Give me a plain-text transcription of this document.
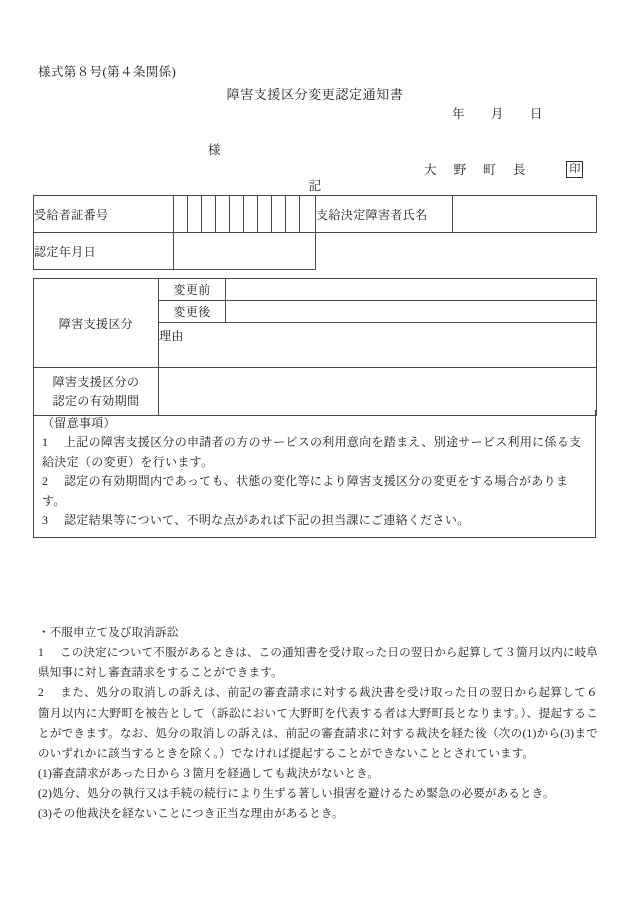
様式第８号(第４条関係)
障害支援区分変更認定通知書
年 月 日
様
大 野 町 長	印
記
受給者証番号											支給決定障害者氏名	
認定年月日												
障害支援区分	変更前	
	変更後	
	理由	

障害支援区分の
認定の有効期間		

（留意事項）
1 上記の障害支援区分の申請者の方のサービスの利用意向を踏まえ、別途サービス利用に係る支給決定（の変更）を行います。
2 認定の有効期間内であっても、状態の変化等により障害支援区分の変更をする場合があります。
3 認定結果等について、不明な点があれば下記の担当課にご連絡ください。
・不服申立て及び取消訴訟
1 この決定について不服があるときは、この通知書を受け取った日の翌日から起算して３箇月以内に岐阜県知事に対し審査請求をすることができます。
2 また、処分の取消しの訴えは、前記の審査請求に対する裁決書を受け取った日の翌日から起算して６箇月以内に大野町を被告として（訴訟において大野町を代表する者は大野町長となります。）、提起することができます。なお、処分の取消しの訴えは、前記の審査請求に対する裁決を経た後（次の(1)から(3)までのいずれかに該当するときを除く。）でなければ提起することができないこととされています。
(1)審査請求があった日から３箇月を経過しても裁決がないとき。
(2)処分、処分の執行又は手続の続行により生ずる著しい損害を避けるため緊急の必要があるとき。
(3)その他裁決を経ないことにつき正当な理由があるとき。
